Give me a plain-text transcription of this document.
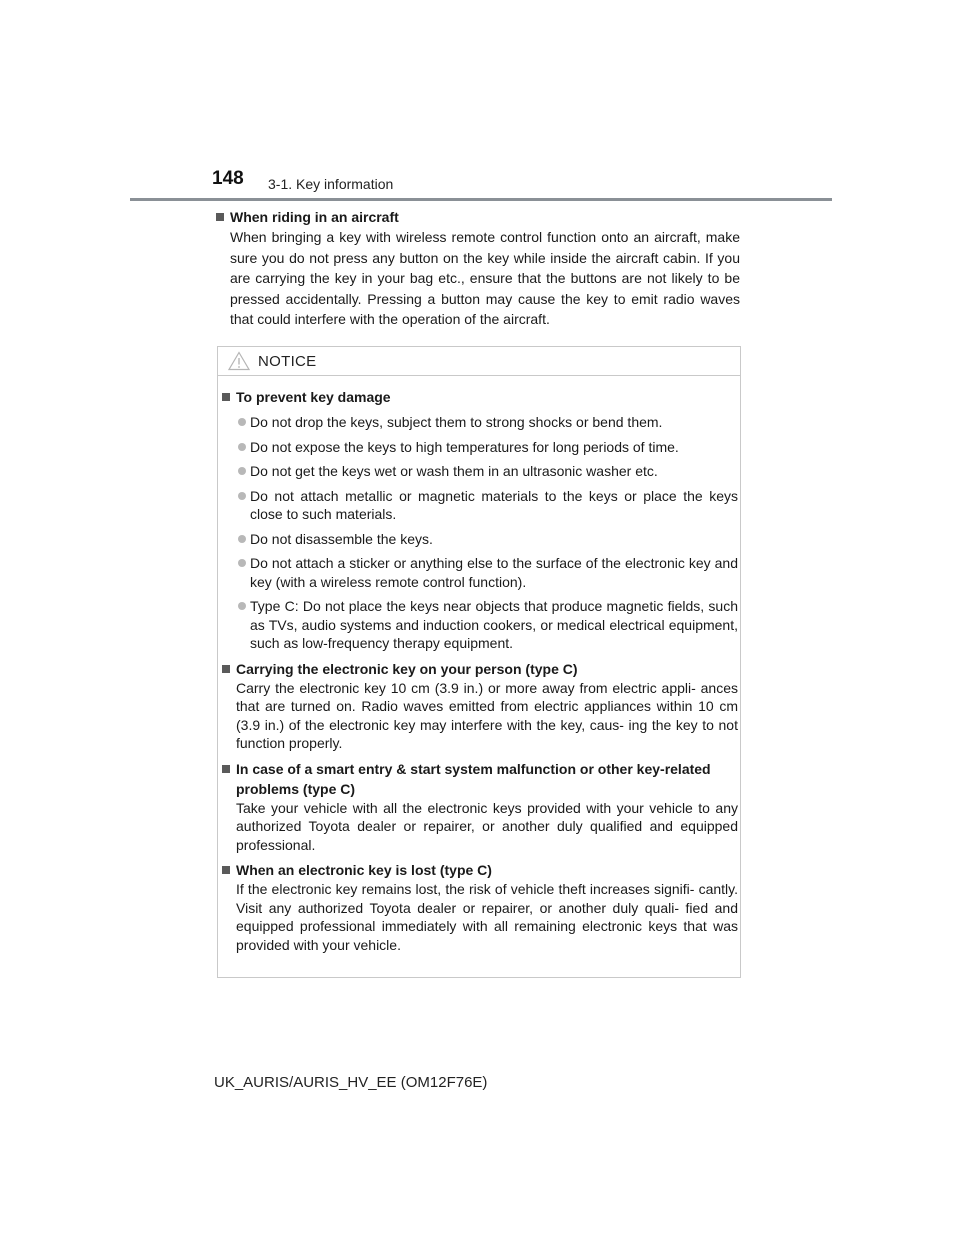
148 3-1. Key information

When riding in an aircraft

When bringing a key with wireless remote control function onto an aircraft, make sure you do not press any button on the key while inside the aircraft cabin. If you are carrying the key in your bag etc., ensure that the buttons are not likely to be pressed accidentally. Pressing a button may cause the key to emit radio waves that could interfere with the operation of the aircraft.

NOTICE

To prevent key damage

Do not drop the keys, subject them to strong shocks or bend them.
Do not expose the keys to high temperatures for long periods of time.
Do not get the keys wet or wash them in an ultrasonic washer etc.
Do not attach metallic or magnetic materials to the keys or place the keys close to such materials.
Do not disassemble the keys.
Do not attach a sticker or anything else to the surface of the electronic key and key (with a wireless remote control function).
Type C: Do not place the keys near objects that produce magnetic fields, such as TVs, audio systems and induction cookers, or medical electrical equipment, such as low-frequency therapy equipment.

Carrying the electronic key on your person (type C)

Carry the electronic key 10 cm (3.9 in.) or more away from electric appli- ances that are turned on. Radio waves emitted from electric appliances within 10 cm (3.9 in.) of the electronic key may interfere with the key, caus- ing the key to not function properly.

In case of a smart entry & start system malfunction or other key-related problems (type C)

Take your vehicle with all the electronic keys provided with your vehicle to any authorized Toyota dealer or repairer, or another duly qualified and equipped professional.

When an electronic key is lost (type C)

If the electronic key remains lost, the risk of vehicle theft increases signifi- cantly. Visit any authorized Toyota dealer or repairer, or another duly quali- fied and equipped professional immediately with all remaining electronic keys that was provided with your vehicle.

UK_AURIS/AURIS_HV_EE (OM12F76E)
